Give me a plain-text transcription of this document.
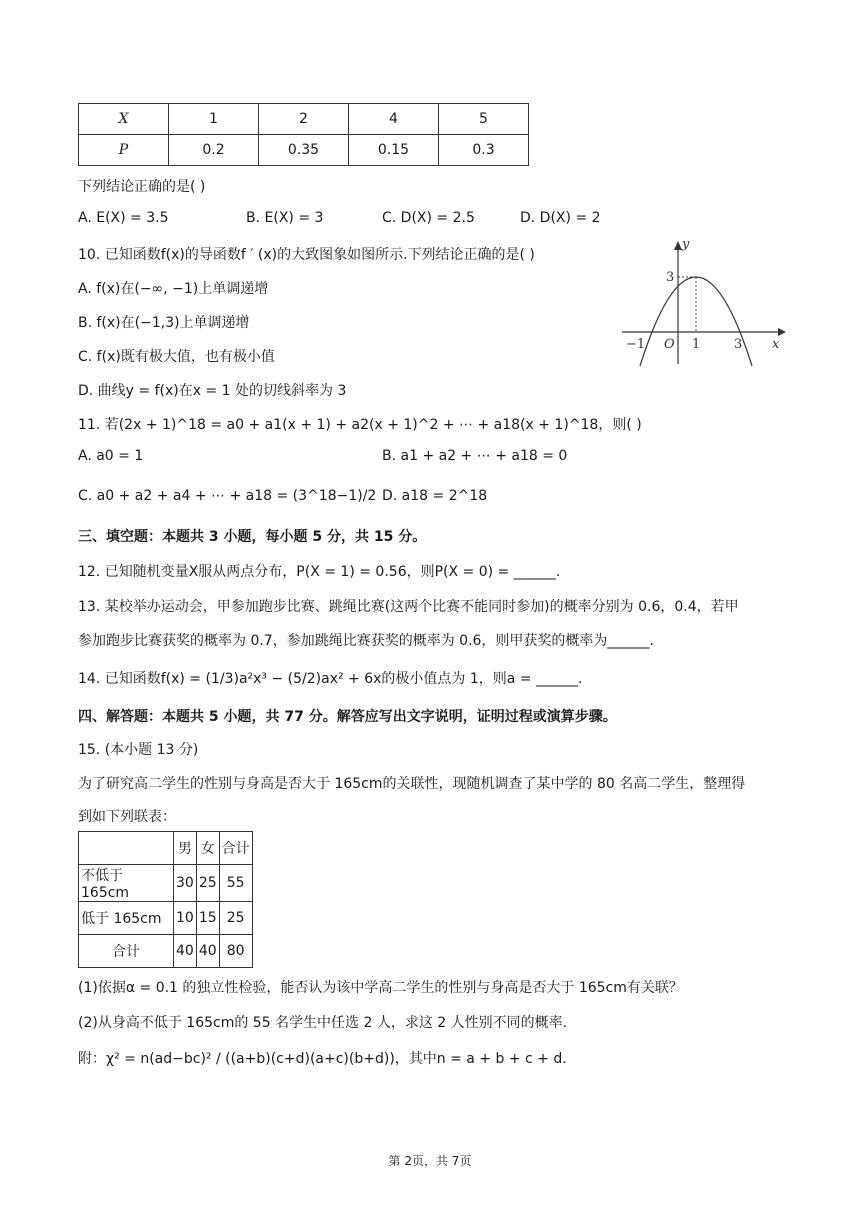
X	1	2	4	5
P	0.2	0.35	0.15	0.3
下列结论正确的是( )
A. E(X) = 3.5	B. E(X) = 3	C. D(X) = 2.5	D. D(X) = 2
10. 已知函数f(x)的导函数f ′ (x)的大致图象如图所示.下列结论正确的是( )
A. f(x)在(−∞, −1)上单调递增
B. f(x)在(−1,3)上单调递增
C. f(x)既有极大值，也有极小值
D. 曲线y = f(x)在x = 1 处的切线斜率为 3
y
x
O
3
−1	1	3
11. 若(2x + 1)^18 = a0 + a1(x + 1) + a2(x + 1)^2 + ⋯ + a18(x + 1)^18，则( )
A. a0 = 1	B. a1 + a2 + ⋯ + a18 = 0
C. a0 + a2 + a4 + ⋯ + a18 = (3^18−1)/2 D. a18 = 2^18
三、填空题：本题共 3 小题，每小题 5 分，共 15 分。
12. 已知随机变量X服从两点分布，P(X = 1) = 0.56，则P(X = 0) = ______.
13. 某校举办运动会，甲参加跑步比赛、跳绳比赛(这两个比赛不能同时参加)的概率分别为 0.6，0.4，若甲
参加跑步比赛获奖的概率为 0.7，参加跳绳比赛获奖的概率为 0.6，则甲获奖的概率为______.
14. 已知函数f(x) = (1/3)a²x³ − (5/2)ax² + 6x的极小值点为 1，则a = ______.
四、解答题：本题共 5 小题，共 77 分。解答应写出文字说明，证明过程或演算步骤。
15. (本小题 13 分)
为了研究高二学生的性别与身高是否大于 165cm的关联性，现随机调查了某中学的 80 名高二学生，整理得
到如下列联表：
	男	女	合计
不低于 165cm	30	25	55
低于 165cm	10	15	25
合计	40	40	80
(1)依据α = 0.1 的独立性检验，能否认为该中学高二学生的性别与身高是否大于 165cm有关联？
(2)从身高不低于 165cm的 55 名学生中任选 2 人，求这 2 人性别不同的概率.
附：χ² = n(ad−bc)² / ((a+b)(c+d)(a+c)(b+d))，其中n = a + b + c + d.
第 2页，共 7页
